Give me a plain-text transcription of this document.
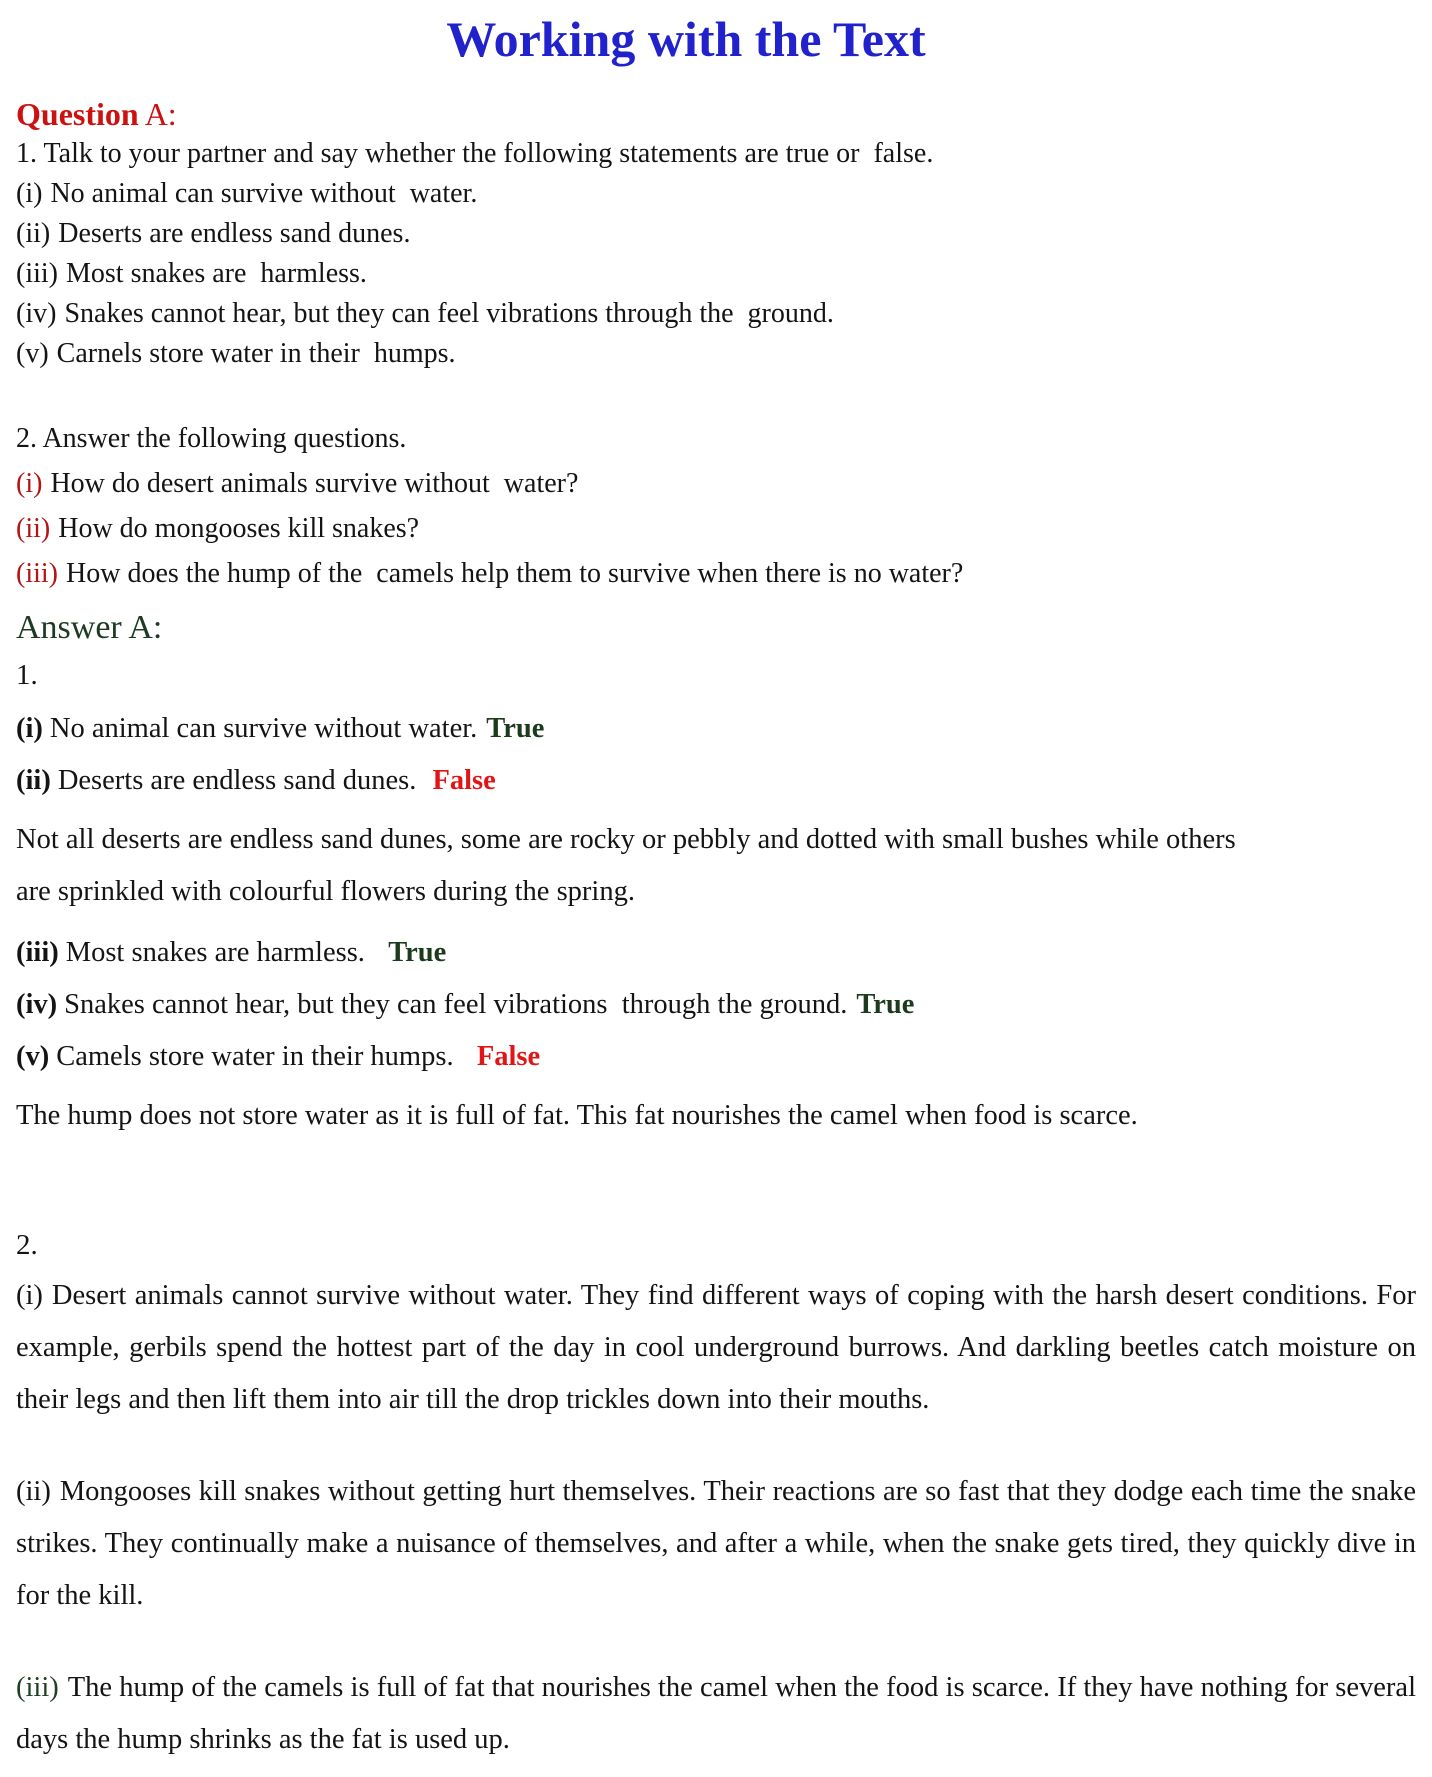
Working with the Text
Question A:

1. Talk to your partner and say whether the following statements are true or  false.

(i) No animal can survive without  water.

(ii) Deserts are endless sand dunes.

(iii) Most snakes are  harmless.

(iv) Snakes cannot hear, but they can feel vibrations through the  ground.

(v) Carnels store water in their  humps.

2. Answer the following questions.

(i) How do desert animals survive without  water?

(ii) How do mongooses kill snakes?

(iii) How does the hump of the  camels help them to survive when there is no water?

Answer A:

1.

(i) No animal can survive without water. True

(ii) Deserts are endless sand dunes. False

Not all deserts are endless sand dunes, some are rocky or pebbly and dotted with small bushes while others are sprinkled with colourful flowers during the spring.

(iii) Most snakes are harmless.  True

(iv) Snakes cannot hear, but they can feel vibrations  through the ground. True

(v) Camels store water in their humps.  False

The hump does not store water as it is full of fat. This fat nourishes the camel when food is scarce.

2.

(i) Desert animals cannot survive without water. They find different ways of coping with the harsh desert conditions. For example, gerbils spend the hottest part of the day in cool underground burrows. And darkling beetles catch moisture on their legs and then lift them into air till the drop trickles down into their mouths.

(ii) Mongooses kill snakes without getting hurt themselves. Their reactions are so fast that they dodge each time the snake strikes. They continually make a nuisance of themselves, and after a while, when the snake gets tired, they quickly dive in for the kill.

(iii) The hump of the camels is full of fat that nourishes the camel when the food is scarce. If they have nothing for several days the hump shrinks as the fat is used up.
